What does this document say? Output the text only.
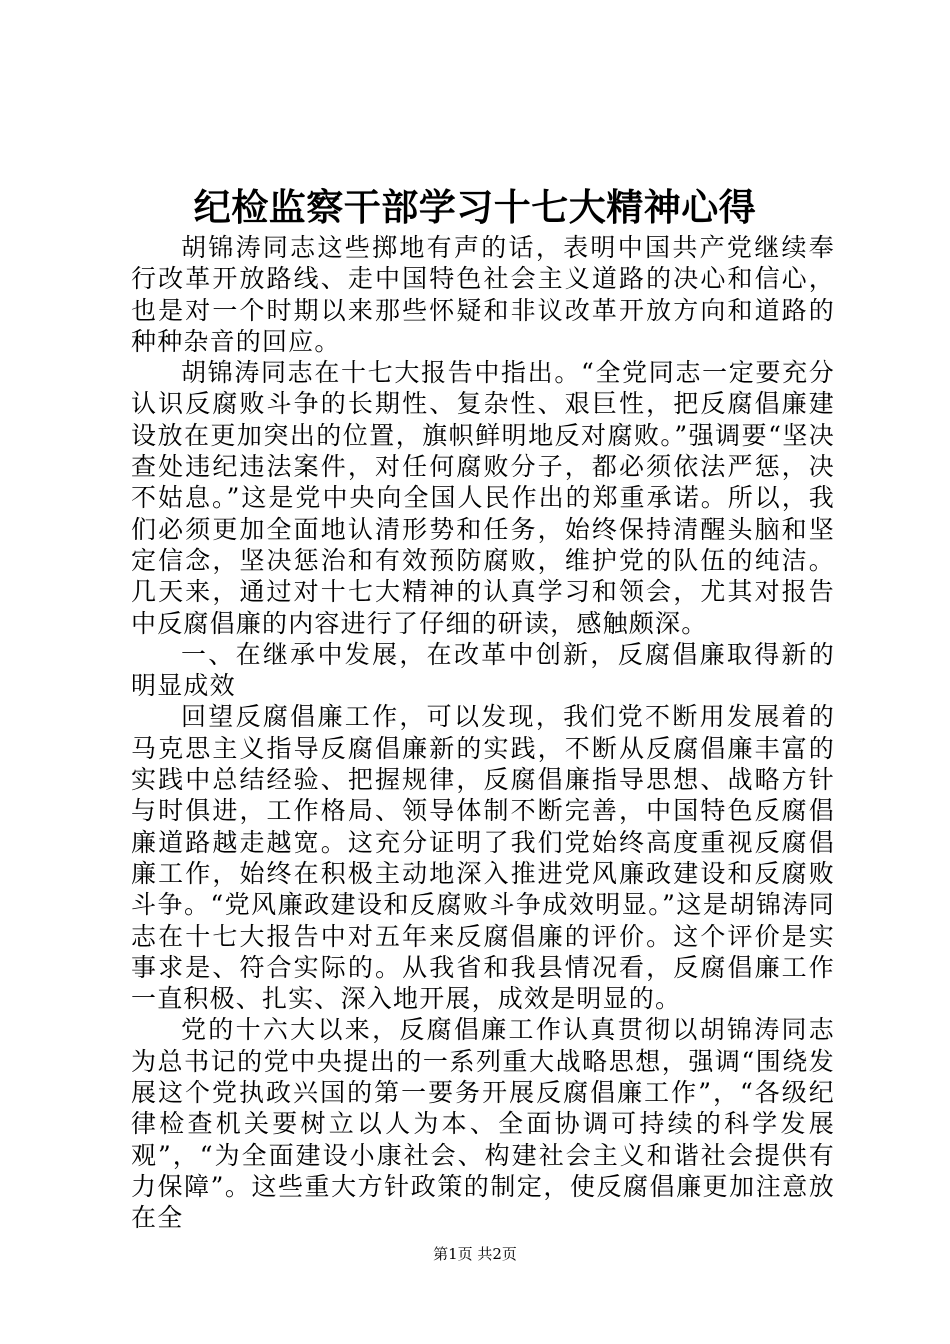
纪检监察干部学习十七大精神心得

胡锦涛同志这些掷地有声的话，表明中国共产党继续奉行改革开放路线、走中国特色社会主义道路的决心和信心，也是对一个时期以来那些怀疑和非议改革开放方向和道路的种种杂音的回应。

胡锦涛同志在十七大报告中指出。“全党同志一定要充分认识反腐败斗争的长期性、复杂性、艰巨性，把反腐倡廉建设放在更加突出的位置，旗帜鲜明地反对腐败。”强调要“坚决查处违纪违法案件，对任何腐败分子，都必须依法严惩，决不姑息。”这是党中央向全国人民作出的郑重承诺。所以，我们必须更加全面地认清形势和任务，始终保持清醒头脑和坚定信念，坚决惩治和有效预防腐败，维护党的队伍的纯洁。几天来，通过对十七大精神的认真学习和领会，尤其对报告中反腐倡廉的内容进行了仔细的研读，感触颇深。

一、在继承中发展，在改革中创新，反腐倡廉取得新的明显成效

回望反腐倡廉工作，可以发现，我们党不断用发展着的马克思主义指导反腐倡廉新的实践，不断从反腐倡廉丰富的实践中总结经验、把握规律，反腐倡廉指导思想、战略方针与时俱进，工作格局、领导体制不断完善，中国特色反腐倡廉道路越走越宽。这充分证明了我们党始终高度重视反腐倡廉工作，始终在积极主动地深入推进党风廉政建设和反腐败斗争。“党风廉政建设和反腐败斗争成效明显。”这是胡锦涛同志在十七大报告中对五年来反腐倡廉的评价。这个评价是实事求是、符合实际的。从我省和我县情况看，反腐倡廉工作一直积极、扎实、深入地开展，成效是明显的。

党的十六大以来，反腐倡廉工作认真贯彻以胡锦涛同志为总书记的党中央提出的一系列重大战略思想，强调“围绕发展这个党执政兴国的第一要务开展反腐倡廉工作”，“各级纪律检查机关要树立以人为本、全面协调可持续的科学发展观”，“为全面建设小康社会、构建社会主义和谐社会提供有力保障”。这些重大方针政策的制定，使反腐倡廉更加注意放在全

第1页 共2页
